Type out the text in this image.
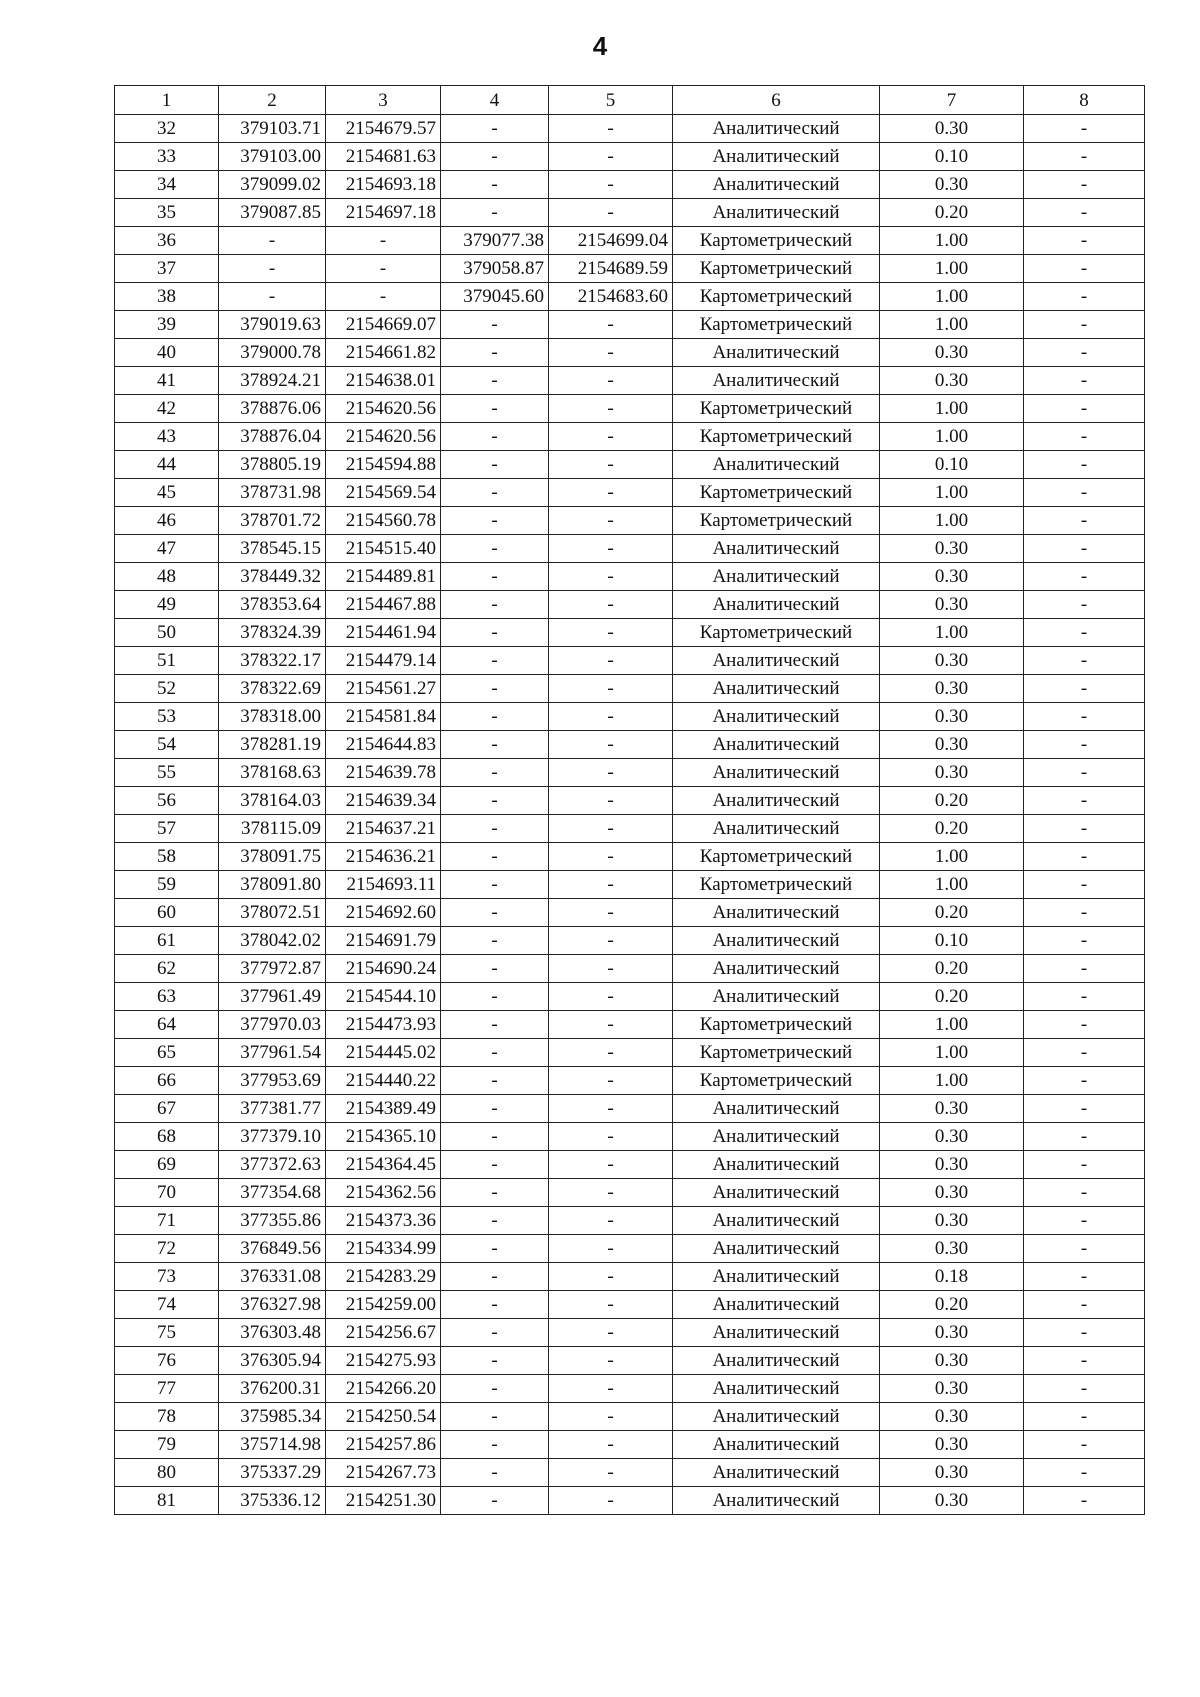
4
1	2	3	4	5	6	7	8
32	379103.71	2154679.57	-	-	Аналитический	0.30	-
33	379103.00	2154681.63	-	-	Аналитический	0.10	-
34	379099.02	2154693.18	-	-	Аналитический	0.30	-
35	379087.85	2154697.18	-	-	Аналитический	0.20	-
36	-	-	379077.38	2154699.04	Картометрический	1.00	-
37	-	-	379058.87	2154689.59	Картометрический	1.00	-
38	-	-	379045.60	2154683.60	Картометрический	1.00	-
39	379019.63	2154669.07	-	-	Картометрический	1.00	-
40	379000.78	2154661.82	-	-	Аналитический	0.30	-
41	378924.21	2154638.01	-	-	Аналитический	0.30	-
42	378876.06	2154620.56	-	-	Картометрический	1.00	-
43	378876.04	2154620.56	-	-	Картометрический	1.00	-
44	378805.19	2154594.88	-	-	Аналитический	0.10	-
45	378731.98	2154569.54	-	-	Картометрический	1.00	-
46	378701.72	2154560.78	-	-	Картометрический	1.00	-
47	378545.15	2154515.40	-	-	Аналитический	0.30	-
48	378449.32	2154489.81	-	-	Аналитический	0.30	-
49	378353.64	2154467.88	-	-	Аналитический	0.30	-
50	378324.39	2154461.94	-	-	Картометрический	1.00	-
51	378322.17	2154479.14	-	-	Аналитический	0.30	-
52	378322.69	2154561.27	-	-	Аналитический	0.30	-
53	378318.00	2154581.84	-	-	Аналитический	0.30	-
54	378281.19	2154644.83	-	-	Аналитический	0.30	-
55	378168.63	2154639.78	-	-	Аналитический	0.30	-
56	378164.03	2154639.34	-	-	Аналитический	0.20	-
57	378115.09	2154637.21	-	-	Аналитический	0.20	-
58	378091.75	2154636.21	-	-	Картометрический	1.00	-
59	378091.80	2154693.11	-	-	Картометрический	1.00	-
60	378072.51	2154692.60	-	-	Аналитический	0.20	-
61	378042.02	2154691.79	-	-	Аналитический	0.10	-
62	377972.87	2154690.24	-	-	Аналитический	0.20	-
63	377961.49	2154544.10	-	-	Аналитический	0.20	-
64	377970.03	2154473.93	-	-	Картометрический	1.00	-
65	377961.54	2154445.02	-	-	Картометрический	1.00	-
66	377953.69	2154440.22	-	-	Картометрический	1.00	-
67	377381.77	2154389.49	-	-	Аналитический	0.30	-
68	377379.10	2154365.10	-	-	Аналитический	0.30	-
69	377372.63	2154364.45	-	-	Аналитический	0.30	-
70	377354.68	2154362.56	-	-	Аналитический	0.30	-
71	377355.86	2154373.36	-	-	Аналитический	0.30	-
72	376849.56	2154334.99	-	-	Аналитический	0.30	-
73	376331.08	2154283.29	-	-	Аналитический	0.18	-
74	376327.98	2154259.00	-	-	Аналитический	0.20	-
75	376303.48	2154256.67	-	-	Аналитический	0.30	-
76	376305.94	2154275.93	-	-	Аналитический	0.30	-
77	376200.31	2154266.20	-	-	Аналитический	0.30	-
78	375985.34	2154250.54	-	-	Аналитический	0.30	-
79	375714.98	2154257.86	-	-	Аналитический	0.30	-
80	375337.29	2154267.73	-	-	Аналитический	0.30	-
81	375336.12	2154251.30	-	-	Аналитический	0.30	-
